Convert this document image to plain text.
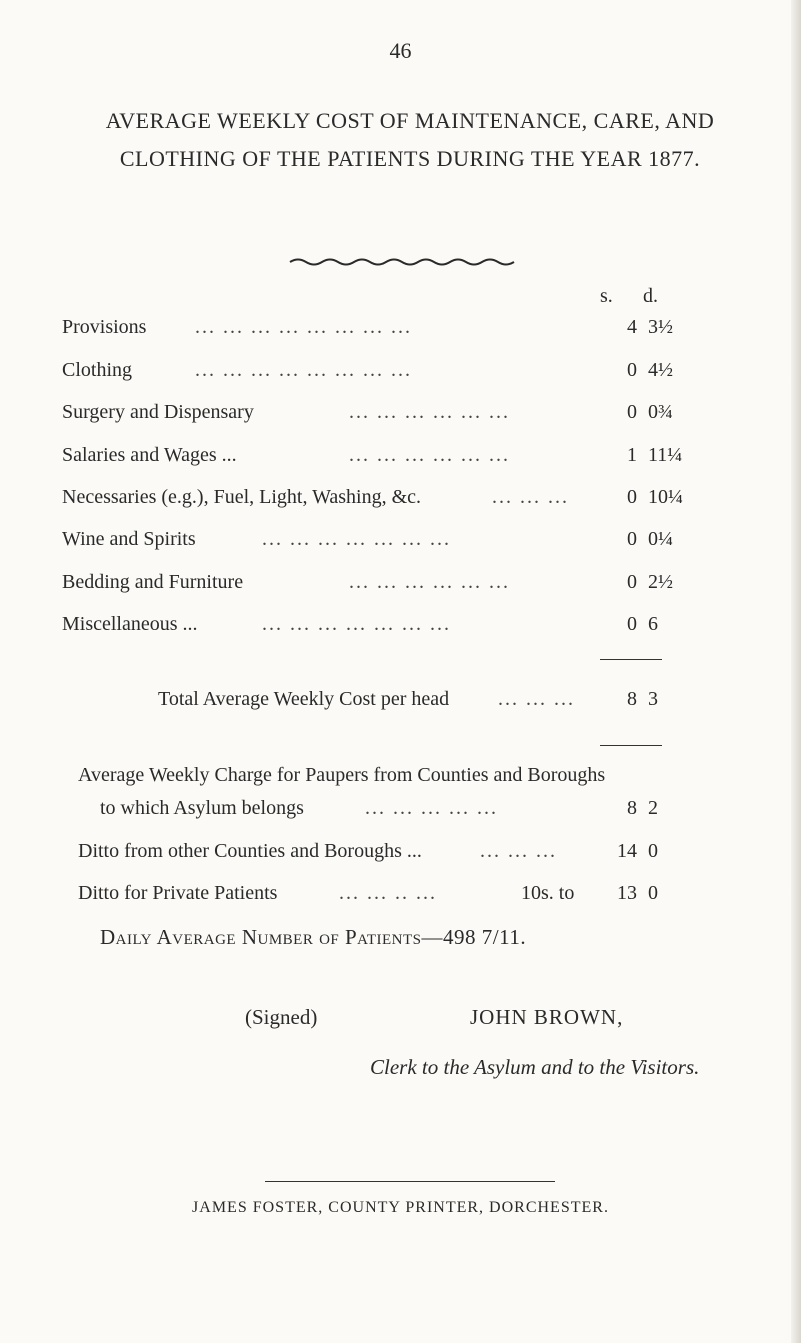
46
AVERAGE WEEKLY COST OF MAINTENANCE, CARE, AND
CLOTHING OF THE PATIENTS DURING THE YEAR 1877.
s. d.
Provisions ... ... ... ... ... ... ... ...	4 3½
Clothing	... ... ... ... ... ... ... ...	0 4½
Surgery and Dispensary	... ... ... ... ... ...	0 0¾
Salaries and Wages ...	... ... ... ... ... ...	1 11¼
Necessaries (e.g.), Fuel, Light, Washing, &c.	... ... ...	0 10¼
Wine and Spirits	... ... ... ... ... ... ...	0 0¼
Bedding and Furniture	... ... ... ... ... ...	0 2½
Miscellaneous ...	... ... ... ... ... ... ...	0 6
Total Average Weekly Cost per head ... ... ...	8 3
Average Weekly Charge for Paupers from Counties and Boroughs
to which Asylum belongs	... ... ... ... ...	8 2
Ditto from other Counties and Boroughs ...	... ... ...	14 0
Ditto for Private Patients	... ... .. ...	10s. to	13 0
Daily Average Number of Patients—498 7/11.
(Signed)	JOHN BROWN,
Clerk to the Asylum and to the Visitors.
JAMES FOSTER, COUNTY PRINTER, DORCHESTER.
